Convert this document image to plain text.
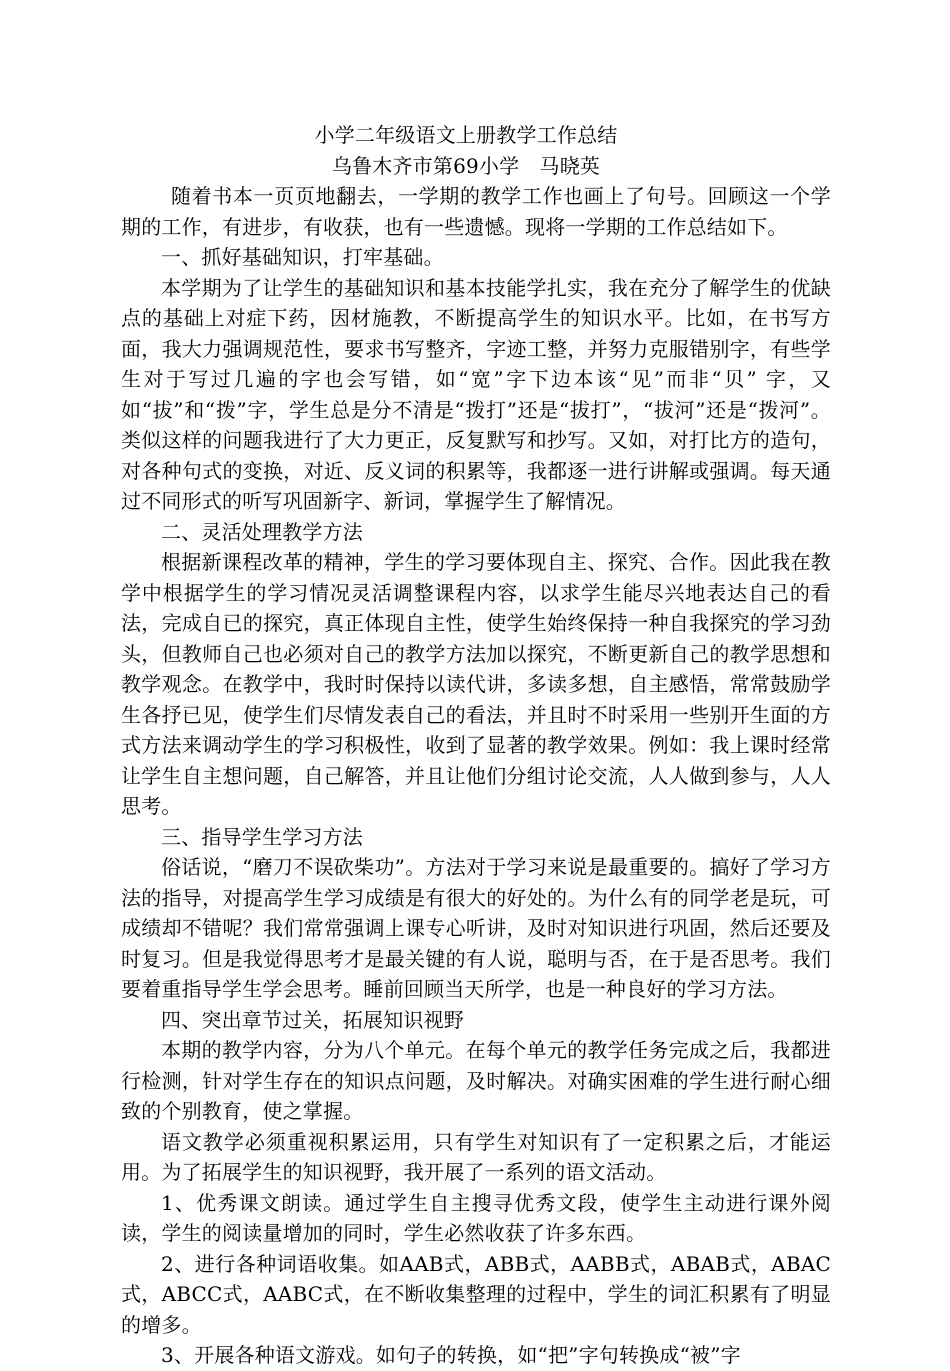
小学二年级语文上册教学工作总结

乌鲁木齐市第69小学　马晓英

随着书本一页页地翻去，一学期的教学工作也画上了句号。回顾这一个学期的工作，有进步，有收获，也有一些遗憾。现将一学期的工作总结如下。

一、抓好基础知识，打牢基础。

本学期为了让学生的基础知识和基本技能学扎实，我在充分了解学生的优缺点的基础上对症下药，因材施教，不断提高学生的知识水平。比如，在书写方面，我大力强调规范性，要求书写整齐，字迹工整，并努力克服错别字，有些学生对于写过几遍的字也会写错，如“宽”字下边本该“见”而非“贝” 字，又如“拔”和“拨”字，学生总是分不清是“拨打”还是“拔打”，“拔河”还是“拨河”。类似这样的问题我进行了大力更正，反复默写和抄写。又如，对打比方的造句，对各种句式的变换，对近、反义词的积累等，我都逐一进行讲解或强调。每天通过不同形式的听写巩固新字、新词，掌握学生了解情况。

二、灵活处理教学方法

根据新课程改革的精神，学生的学习要体现自主、探究、合作。因此我在教学中根据学生的学习情况灵活调整课程内容，以求学生能尽兴地表达自己的看法，完成自已的探究，真正体现自主性，使学生始终保持一种自我探究的学习劲头，但教师自己也必须对自己的教学方法加以探究，不断更新自己的教学思想和教学观念。在教学中，我时时保持以读代讲，多读多想，自主感悟，常常鼓励学生各抒已见，使学生们尽情发表自己的看法，并且时不时采用一些别开生面的方式方法来调动学生的学习积极性，收到了显著的教学效果。例如：我上课时经常让学生自主想问题，自己解答，并且让他们分组讨论交流，人人做到参与，人人思考。

三、指导学生学习方法

俗话说，“磨刀不误砍柴功”。方法对于学习来说是最重要的。搞好了学习方法的指导，对提高学生学习成绩是有很大的好处的。为什么有的同学老是玩，可成绩却不错呢？我们常常强调上课专心听讲，及时对知识进行巩固，然后还要及时复习。但是我觉得思考才是最关键的有人说，聪明与否，在于是否思考。我们要着重指导学生学会思考。睡前回顾当天所学，也是一种良好的学习方法。

四、突出章节过关，拓展知识视野

本期的教学内容，分为八个单元。在每个单元的教学任务完成之后，我都进行检测，针对学生存在的知识点问题，及时解决。对确实困难的学生进行耐心细致的个别教育，使之掌握。

语文教学必须重视积累运用，只有学生对知识有了一定积累之后，才能运用。为了拓展学生的知识视野，我开展了一系列的语文活动。

1、优秀课文朗读。通过学生自主搜寻优秀文段，使学生主动进行课外阅读，学生的阅读量增加的同时，学生必然收获了许多东西。

2、进行各种词语收集。如AAB式，ABB式，AABB式，ABAB式，ABAC式，ABCC式，AABC式，在不断收集整理的过程中，学生的词汇积累有了明显的增多。

3、开展各种语文游戏。如句子的转换，如“把”字句转换成“被”字
